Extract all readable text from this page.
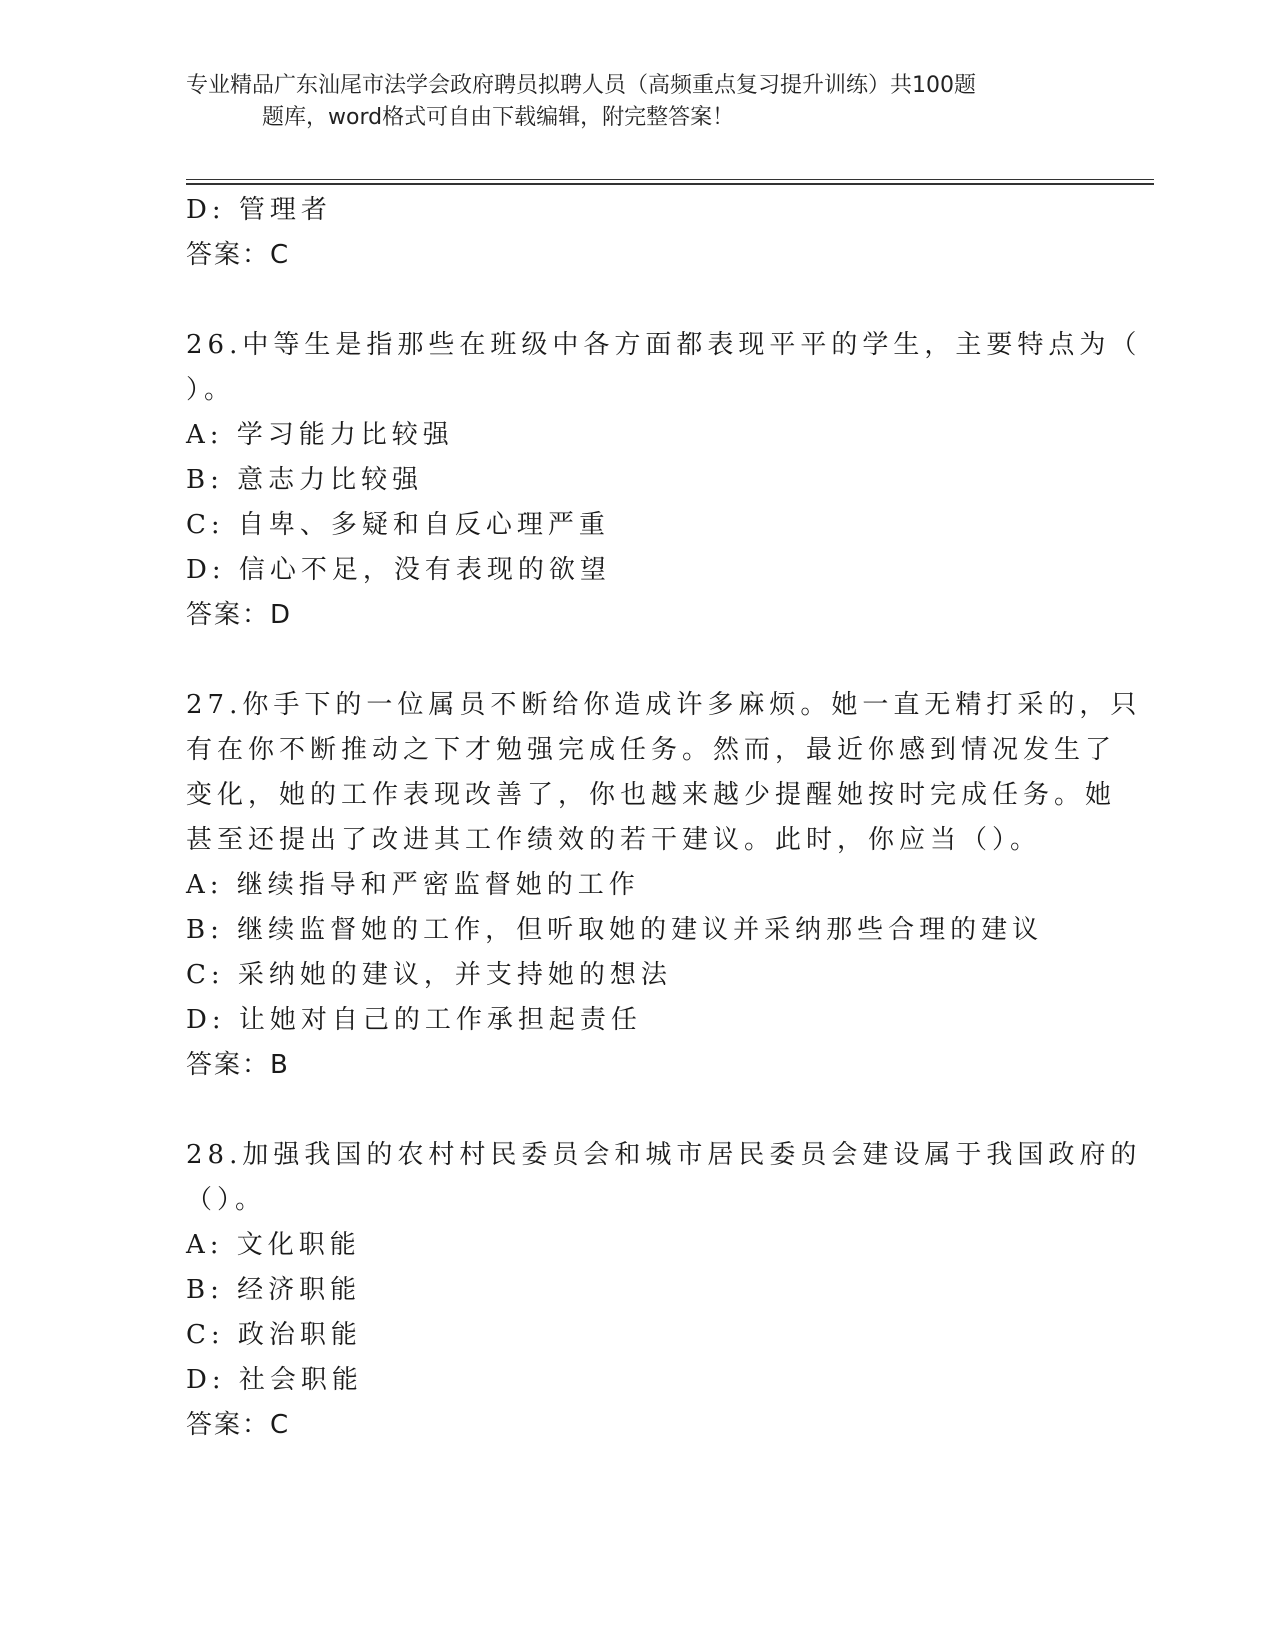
专业精品广东汕尾市法学会政府聘员拟聘人员（高频重点复习提升训练）共100题
题库，word格式可自由下载编辑，附完整答案！
D: 管理者
答案：C
26.中等生是指那些在班级中各方面都表现平平的学生，主要特点为（
）。
A: 学习能力比较强
B: 意志力比较强
C: 自卑、多疑和自反心理严重
D: 信心不足，没有表现的欲望
答案：D
27.你手下的一位属员不断给你造成许多麻烦。她一直无精打采的，只
有在你不断推动之下才勉强完成任务。然而，最近你感到情况发生了
变化，她的工作表现改善了，你也越来越少提醒她按时完成任务。她
甚至还提出了改进其工作绩效的若干建议。此时，你应当（）。
A: 继续指导和严密监督她的工作
B: 继续监督她的工作，但听取她的建议并采纳那些合理的建议
C: 采纳她的建议，并支持她的想法
D: 让她对自己的工作承担起责任
答案：B
28.加强我国的农村村民委员会和城市居民委员会建设属于我国政府的
（）。
A: 文化职能
B: 经济职能
C: 政治职能
D: 社会职能
答案：C
